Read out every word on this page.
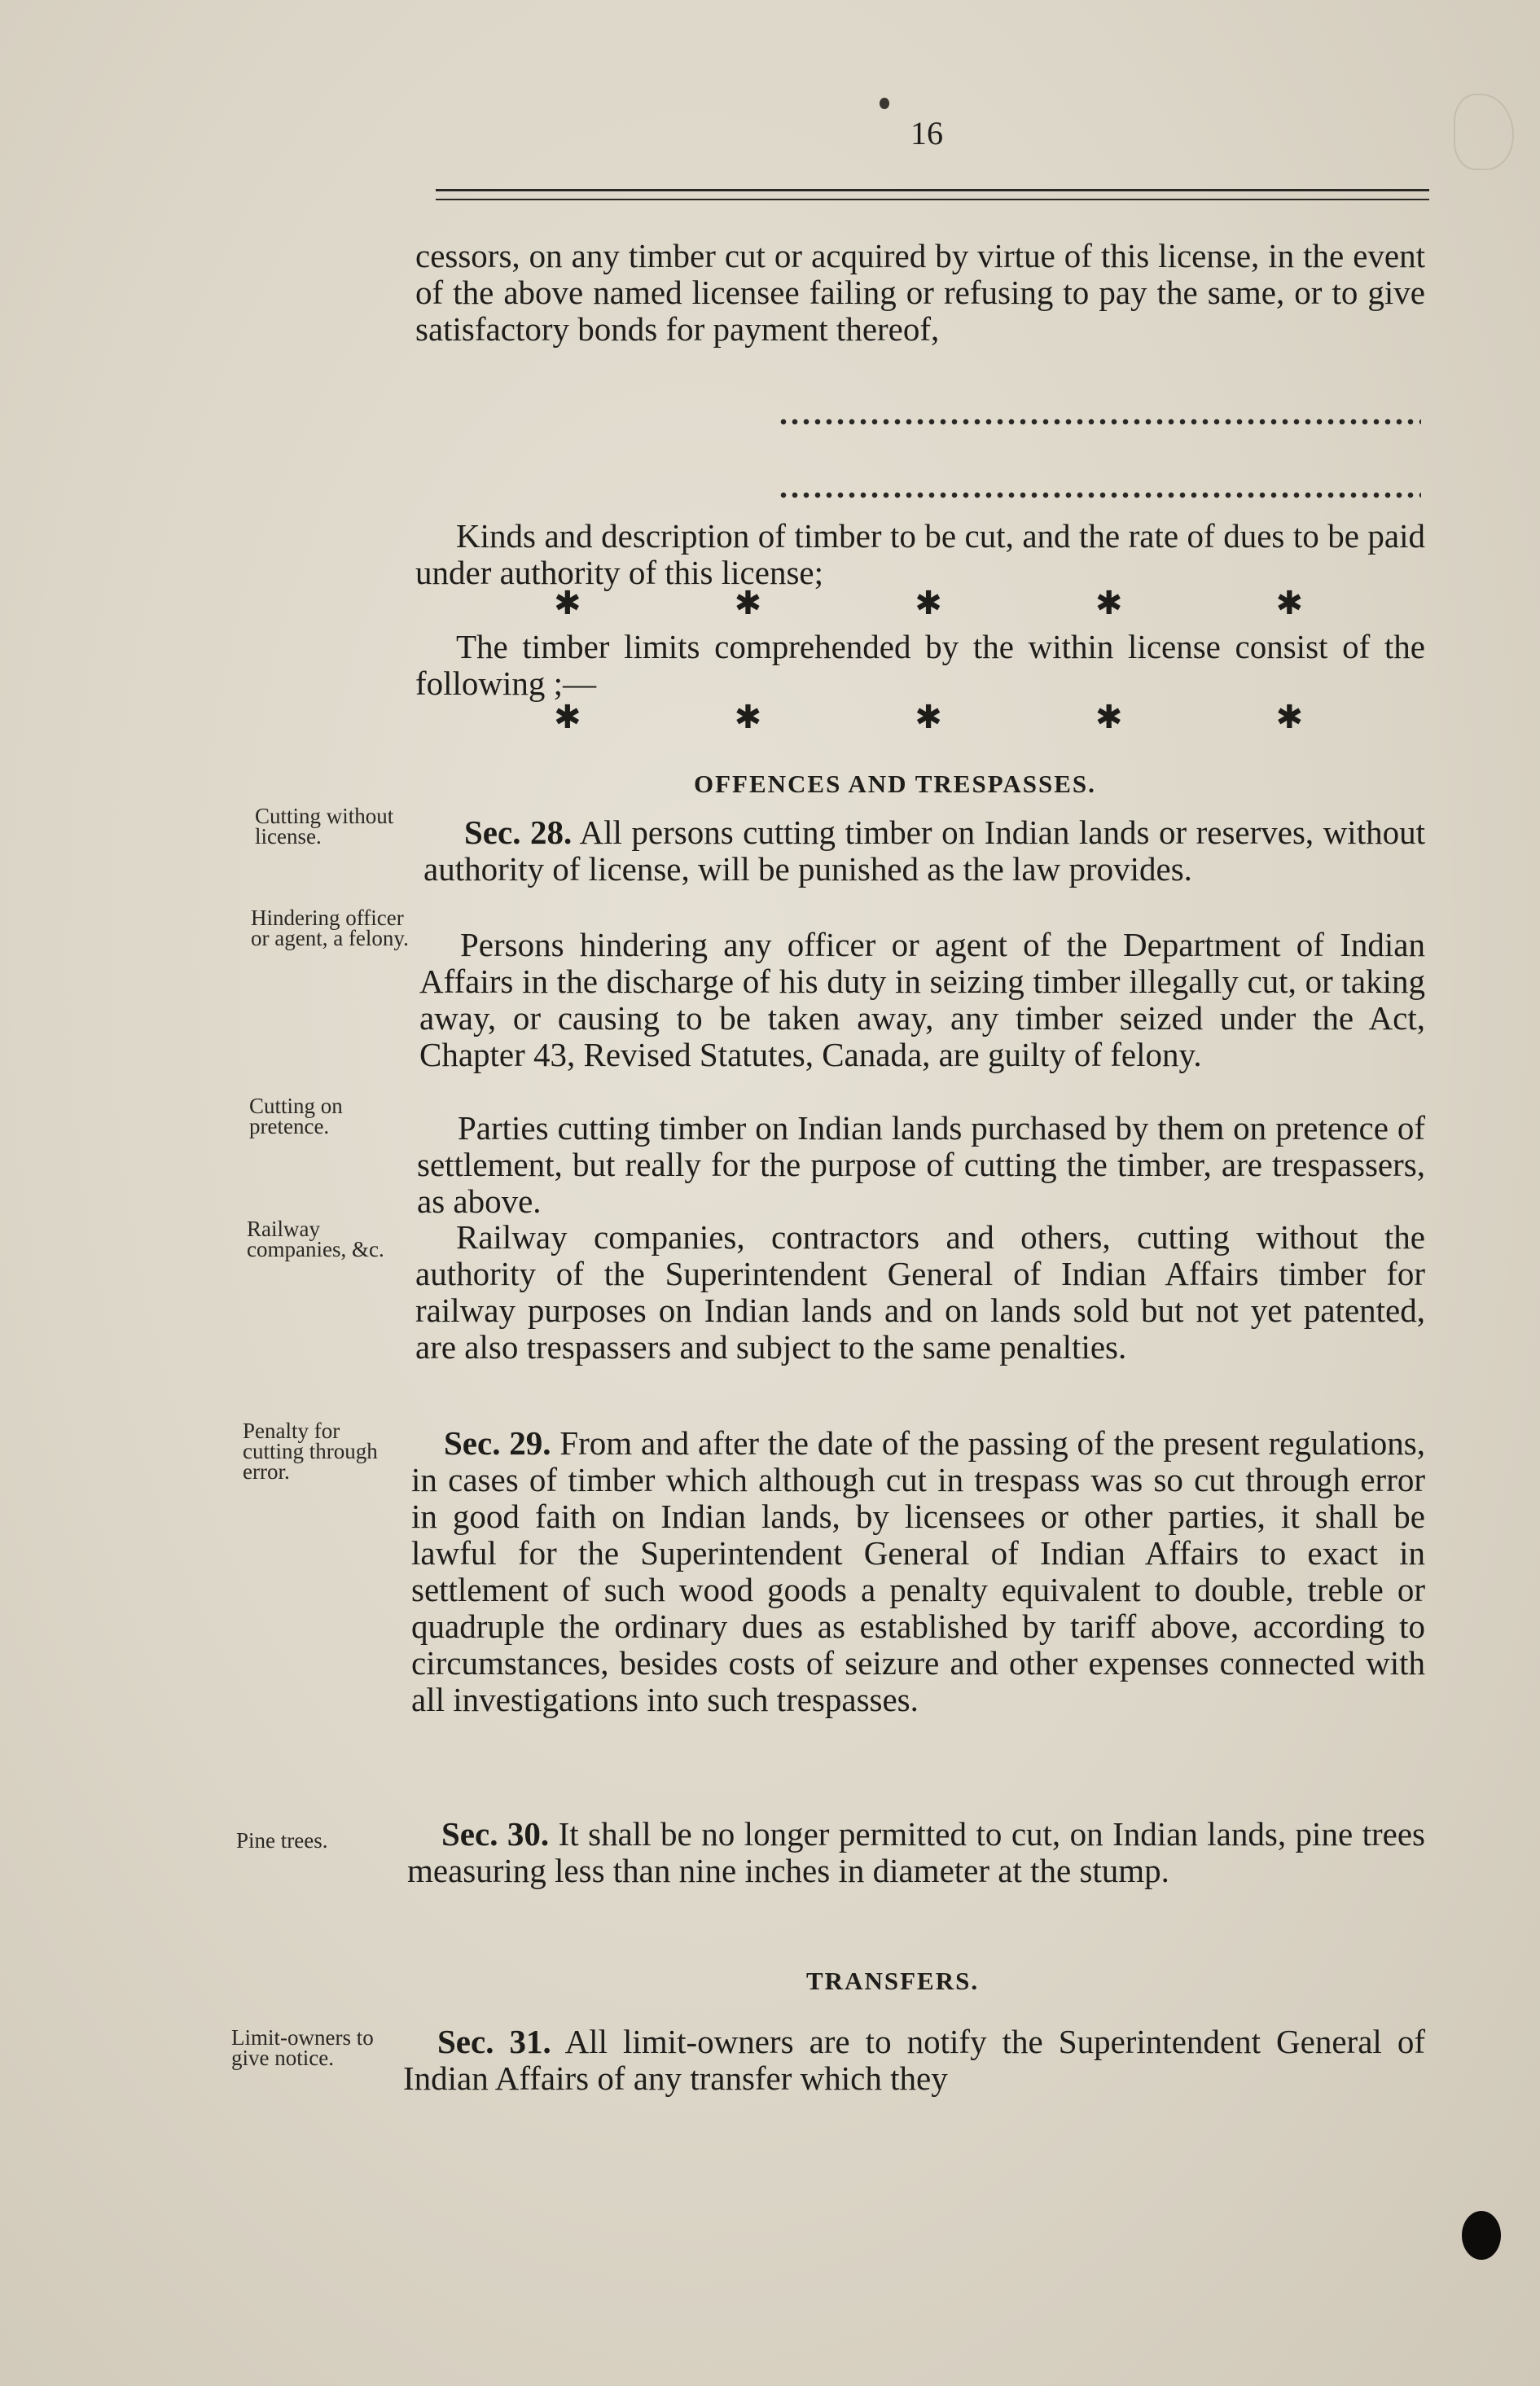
16

cessors, on any timber cut or acquired by virtue of this license, in the event of the above named licensee failing or refusing to pay the same, or to give satisfactory bonds for payment thereof,

Kinds and description of timber to be cut, and the rate of dues to be paid under authority of this license;

✱	✱	✱	✱	✱

The timber limits comprehended by the within license consist of the following ;—

✱	✱	✱	✱	✱
OFFENCES AND TRESPASSES.
Cutting without license.	Sec. 28. All persons cutting timber on Indian lands or reserves, without authority of license, will be punished as the law provides.

Hindering officer or agent, a felony.	Persons hindering any officer or agent of the Department of Indian Affairs in the discharge of his duty in seizing timber illegally cut, or taking away, or causing to be taken away, any timber seized under the Act, Chapter 43, Revised Statutes, Canada, are guilty of felony.

Cutting on pretence.	Parties cutting timber on Indian lands purchased by them on pretence of settlement, but really for the purpose of cutting the timber, are trespassers, as above.

Railway companies, &c.	Railway companies, contractors and others, cutting without the authority of the Superintendent General of Indian Affairs timber for railway purposes on Indian lands and on lands sold but not yet patented, are also trespassers and subject to the same penalties.

Penalty for cutting through error.

Sec. 29. From and after the date of the passing of the present regulations, in cases of timber which although cut in trespass was so cut through error in good faith on Indian lands, by licensees or other parties, it shall be lawful for the Superintendent General of Indian Affairs to exact in settlement of such wood goods a penalty equivalent to double, treble or quadruple the ordinary dues as established by tariff above, according to circumstances, besides costs of seizure and other expenses connected with all investigations into such trespasses.

Pine trees.	Sec. 30. It shall be no longer permitted to cut, on Indian lands, pine trees measuring less than nine inches in diameter at the stump.

TRANSFERS.
Limit-owners to give notice.	Sec. 31. All limit-owners are to notify the Superintendent General of Indian Affairs of any transfer which they
